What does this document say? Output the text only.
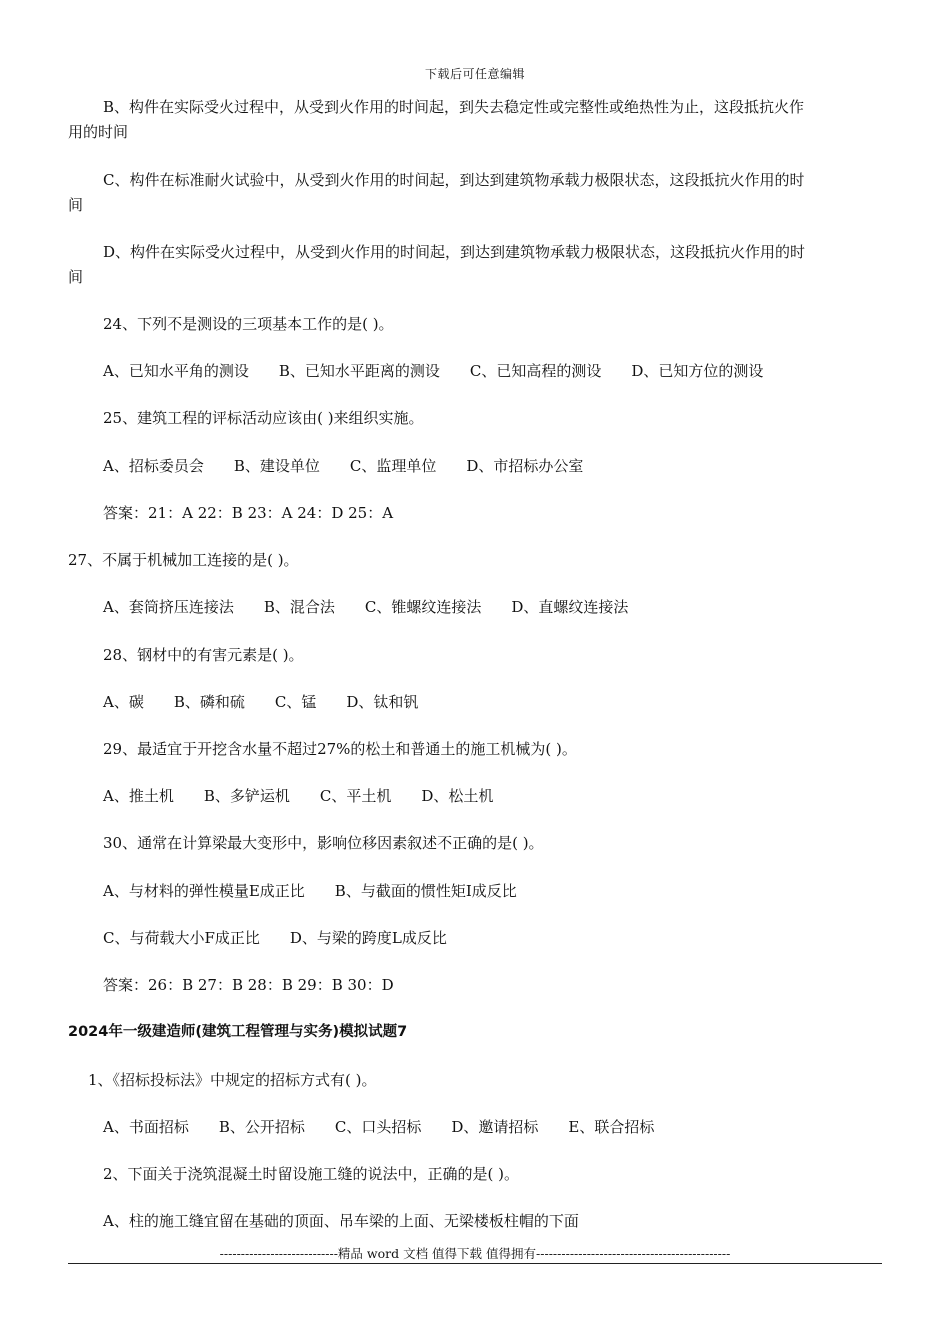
下载后可任意编辑
B、构件在实际受火过程中，从受到火作用的时间起，到失去稳定性或完整性或绝热性为止，这段抵抗火作
用的时间
C、构件在标准耐火试验中，从受到火作用的时间起，到达到建筑物承载力极限状态，这段抵抗火作用的时
间
D、构件在实际受火过程中，从受到火作用的时间起，到达到建筑物承载力极限状态，这段抵抗火作用的时
间
24、下列不是测设的三项基本工作的是( )。
A、已知水平角的测设 B、已知水平距离的测设 C、已知高程的测设 D、已知方位的测设
25、建筑工程的评标活动应该由( )来组织实施。
A、招标委员会 B、建设单位 C、监理单位 D、市招标办公室
答案：21：A 22：B 23：A 24：D 25：A
27、不属于机械加工连接的是( )。
A、套筒挤压连接法 B、混合法 C、锥螺纹连接法 D、直螺纹连接法
28、钢材中的有害元素是( )。
A、碳 B、磷和硫 C、锰 D、钛和钒
29、最适宜于开挖含水量不超过27%的松土和普通土的施工机械为( )。
A、推土机 B、多铲运机 C、平土机 D、松土机
30、通常在计算梁最大变形中，影响位移因素叙述不正确的是( )。
A、与材料的弹性模量E成正比 B、与截面的惯性矩I成反比
C、与荷载大小F成正比 D、与梁的跨度L成反比
答案：26：B 27：B 28：B 29：B 30：D
2024年一级建造师(建筑工程管理与实务)模拟试题7
1、《招标投标法》中规定的招标方式有( )。
A、书面招标 B、公开招标 C、口头招标 D、邀请招标 E、联合招标
2、下面关于浇筑混凝土时留设施工缝的说法中，正确的是( )。
A、柱的施工缝宜留在基础的顶面、吊车梁的上面、无梁楼板柱帽的下面
----------------------------精品 word 文档 值得下载 值得拥有----------------------------------------------
